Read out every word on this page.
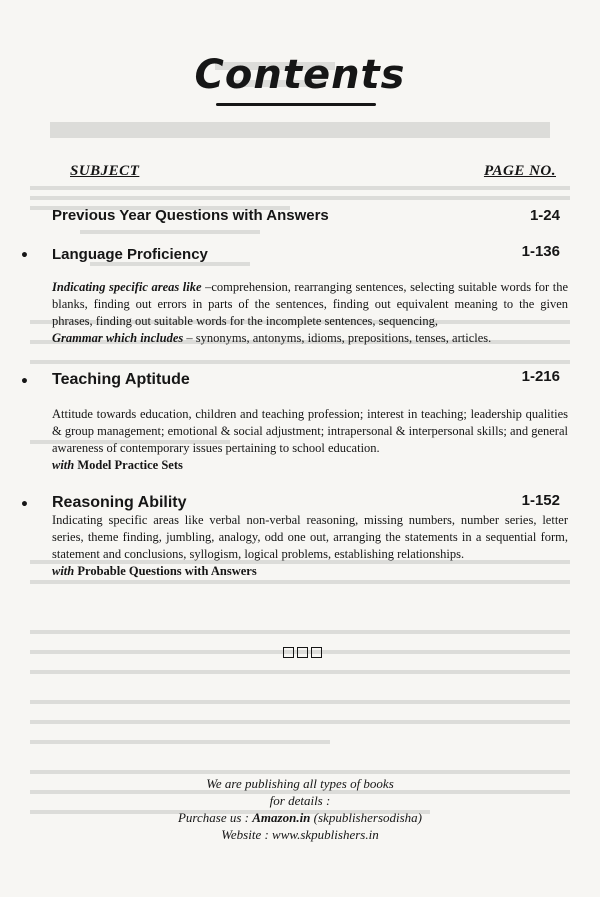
Contents
SUBJECT	PAGE NO.
Previous Year Questions with Answers	1-24
• Language Proficiency	1-136

Indicating specific areas like –comprehension, rearranging sentences, selecting suitable words for the blanks, finding out errors in parts of the sentences, finding out equivalent meaning to the given phrases, finding out suitable words for the incomplete sentences, sequencing,

Grammar which includes – synonyms, antonyms, idioms, prepositions, tenses, articles.

• Teaching Aptitude	1-216

Attitude towards education, children and teaching profession; interest in teaching; leadership qualities & group management; emotional & social adjustment; intrapersonal & interpersonal skills; and general awareness of contemporary issues pertaining to school education.

with Model Practice Sets

• Reasoning Ability	1-152

Indicating specific areas like verbal non-verbal reasoning, missing numbers, number series, letter series, theme finding, jumbling, analogy, odd one out, arranging the statements in a sequential form, statement and conclusions, syllogism, logical problems, establishing relationships.

with Probable Questions with Answers

We are publishing all types of books
for details :
Purchase us : Amazon.in (skpublishersodisha)
Website : www.skpublishers.in
